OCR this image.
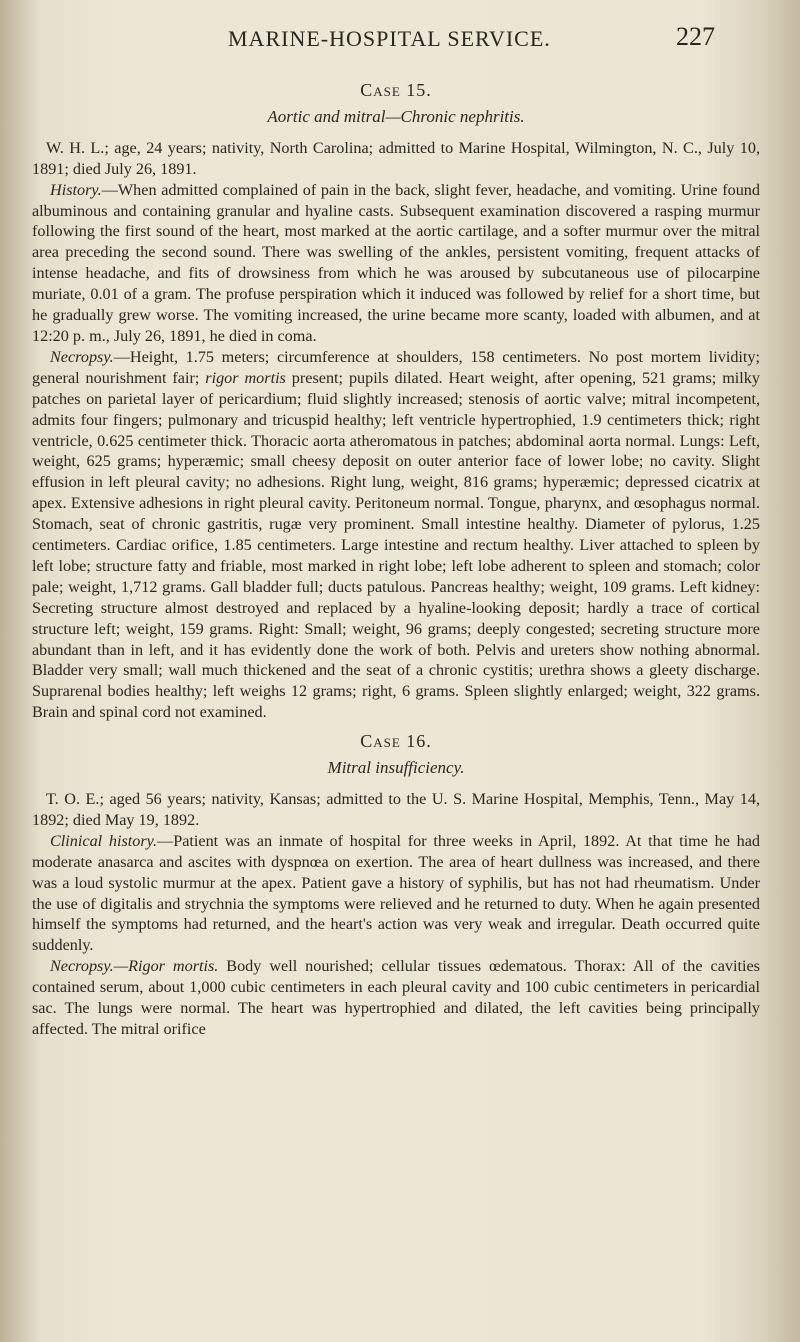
MARINE-HOSPITAL SERVICE.	227
Case 15.
Aortic and mitral—Chronic nephritis.

W. H. L.; age, 24 years; nativity, North Carolina; admitted to Marine Hospital, Wilmington, N. C., July 10, 1891; died July 26, 1891.

History.—When admitted complained of pain in the back, slight fever, headache, and vomiting. Urine found albuminous and containing granular and hyaline casts. Subsequent examination discovered a rasping murmur following the first sound of the heart, most marked at the aortic cartilage, and a softer murmur over the mitral area preceding the second sound. There was swelling of the ankles, persistent vomiting, frequent attacks of intense headache, and fits of drowsiness from which he was aroused by subcutaneous use of pilocarpine muriate, 0.01 of a gram. The profuse perspiration which it induced was followed by relief for a short time, but he gradually grew worse. The vomiting increased, the urine became more scanty, loaded with albumen, and at 12:20 p. m., July 26, 1891, he died in coma.

Necropsy.—Height, 1.75 meters; circumference at shoulders, 158 centimeters. No post mortem lividity; general nourishment fair; rigor mortis present; pupils dilated. Heart weight, after opening, 521 grams; milky patches on parietal layer of pericardium; fluid slightly increased; stenosis of aortic valve; mitral incompetent, admits four fingers; pulmonary and tricuspid healthy; left ventricle hypertrophied, 1.9 centimeters thick; right ventricle, 0.625 centimeter thick. Thoracic aorta atheromatous in patches; abdominal aorta normal. Lungs: Left, weight, 625 grams; hyperæmic; small cheesy deposit on outer anterior face of lower lobe; no cavity. Slight effusion in left pleural cavity; no adhesions. Right lung, weight, 816 grams; hyperæmic; depressed cicatrix at apex. Extensive adhesions in right pleural cavity. Peritoneum normal. Tongue, pharynx, and œsophagus normal. Stomach, seat of chronic gastritis, rugæ very prominent. Small intestine healthy. Diameter of pylorus, 1.25 centimeters. Cardiac orifice, 1.85 centimeters. Large intestine and rectum healthy. Liver attached to spleen by left lobe; structure fatty and friable, most marked in right lobe; left lobe adherent to spleen and stomach; color pale; weight, 1,712 grams. Gall bladder full; ducts patulous. Pancreas healthy; weight, 109 grams. Left kidney: Secreting structure almost destroyed and replaced by a hyaline-looking deposit; hardly a trace of cortical structure left; weight, 159 grams. Right: Small; weight, 96 grams; deeply congested; secreting structure more abundant than in left, and it has evidently done the work of both. Pelvis and ureters show nothing abnormal. Bladder very small; wall much thickened and the seat of a chronic cystitis; urethra shows a gleety discharge. Suprarenal bodies healthy; left weighs 12 grams; right, 6 grams. Spleen slightly enlarged; weight, 322 grams. Brain and spinal cord not examined.

Case 16.
Mitral insufficiency.

T. O. E.; aged 56 years; nativity, Kansas; admitted to the U. S. Marine Hospital, Memphis, Tenn., May 14, 1892; died May 19, 1892.

Clinical history.—Patient was an inmate of hospital for three weeks in April, 1892. At that time he had moderate anasarca and ascites with dyspnœa on exertion. The area of heart dullness was increased, and there was a loud systolic murmur at the apex. Patient gave a history of syphilis, but has not had rheumatism. Under the use of digitalis and strychnia the symptoms were relieved and he returned to duty. When he again presented himself the symptoms had returned, and the heart's action was very weak and irregular. Death occurred quite suddenly.

Necropsy.—Rigor mortis. Body well nourished; cellular tissues œdematous. Thorax: All of the cavities contained serum, about 1,000 cubic centimeters in each pleural cavity and 100 cubic centimeters in pericardial sac. The lungs were normal. The heart was hypertrophied and dilated, the left cavities being principally affected. The mitral orifice
